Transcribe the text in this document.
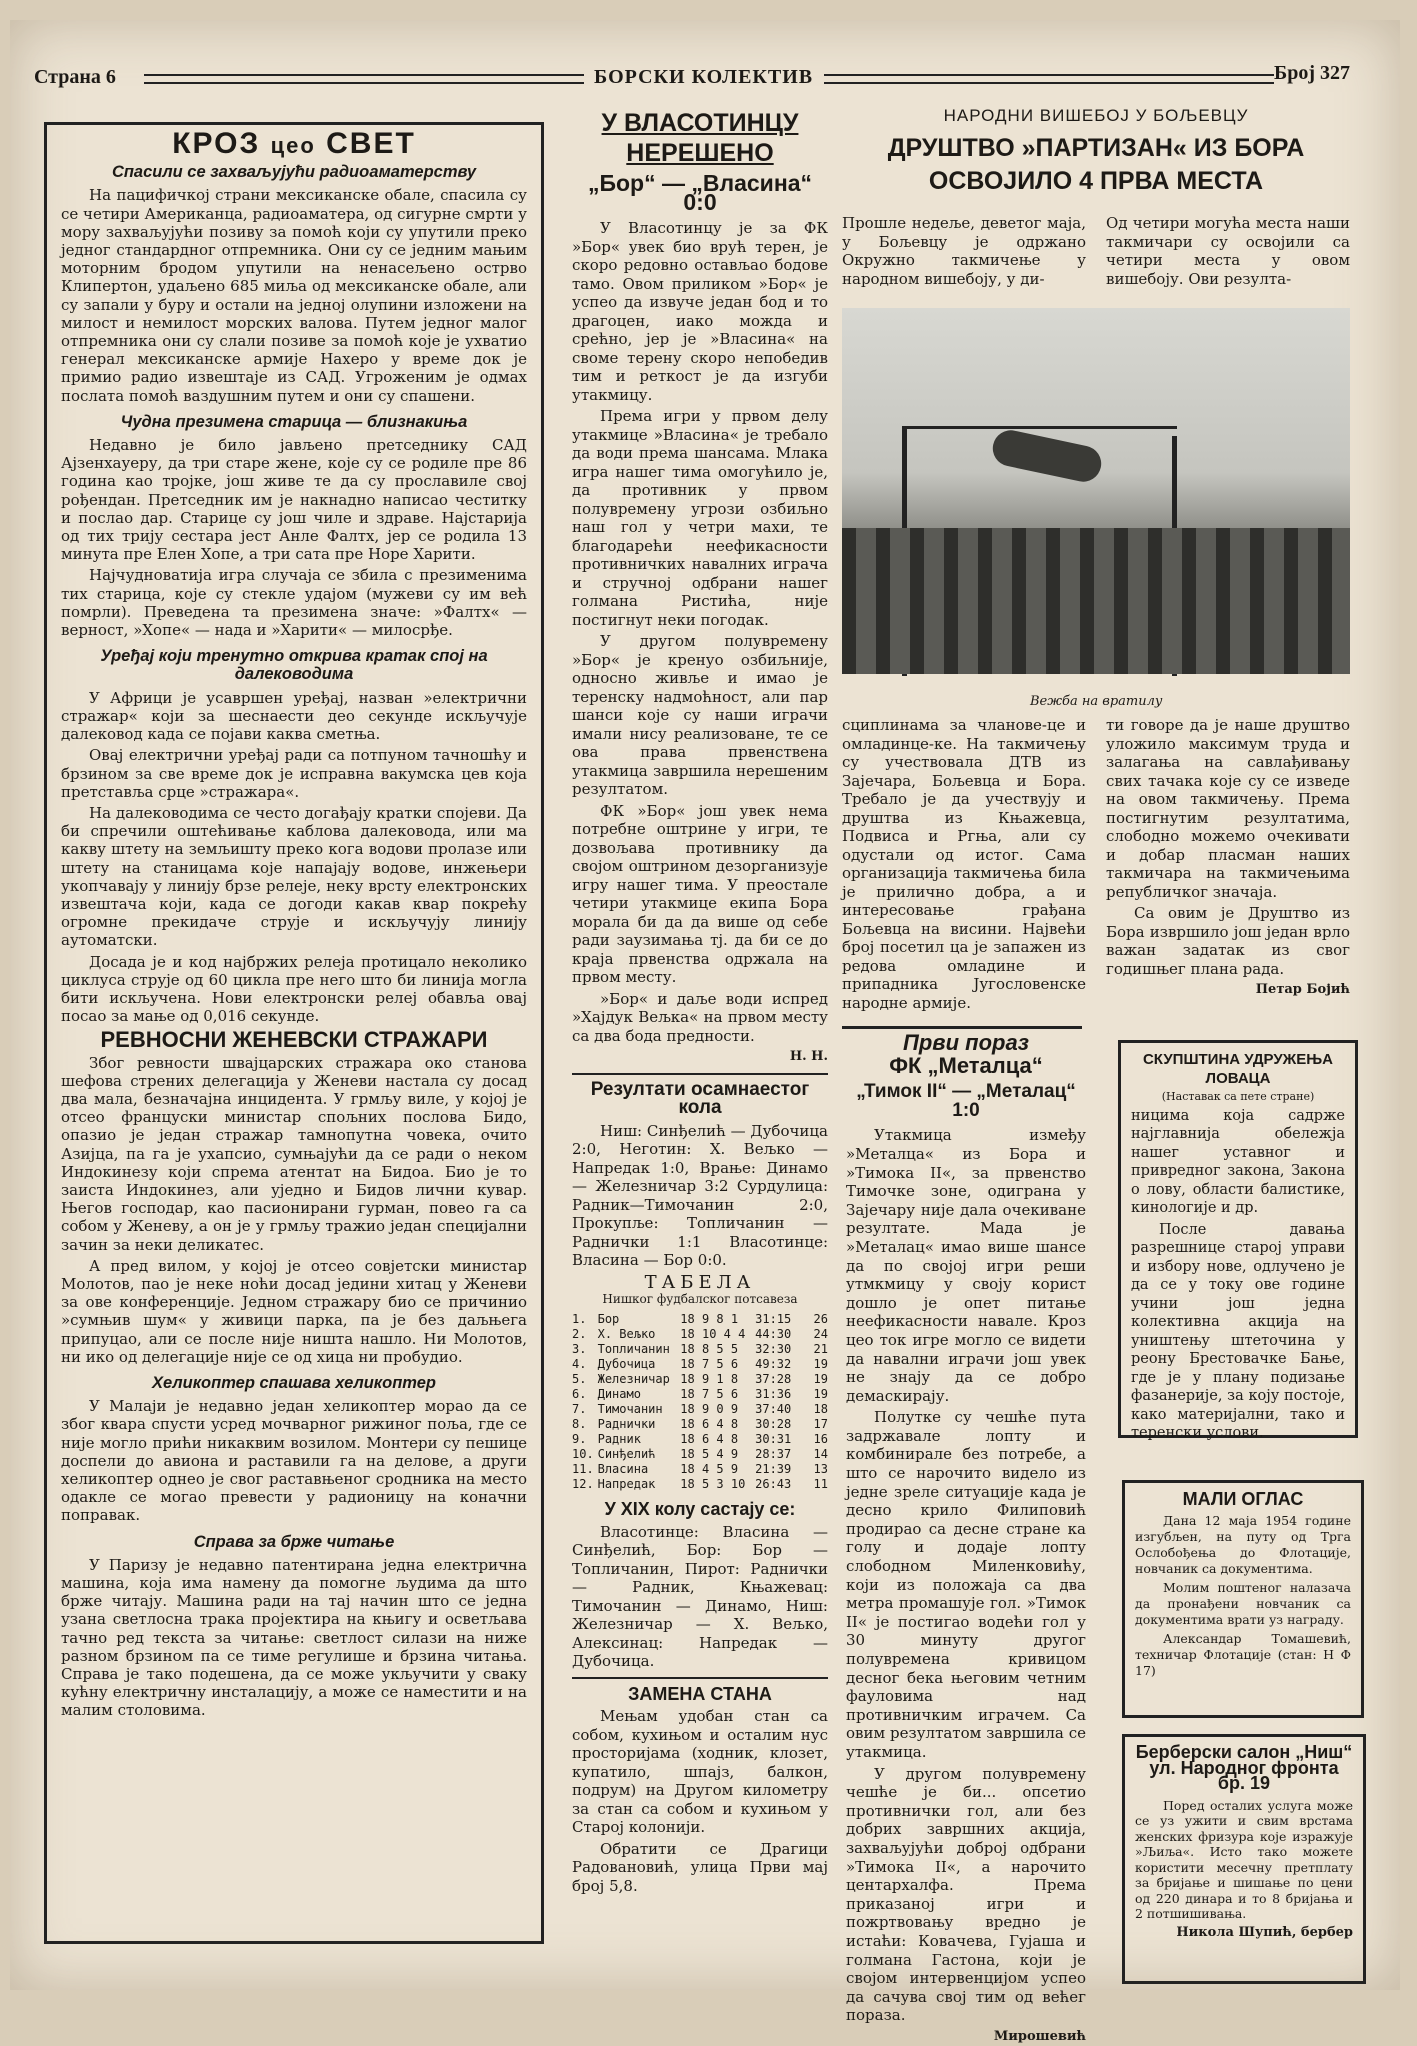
Страна 6	БОРСКИ КОЛЕКТИВ	Број 327
КРОЗ цео СВЕТ
Спасили се захваљујући радиоаматерству

На пацифичкој страни мексиканске обале, спасила су се четири Американца, радиоаматера, од сигурне смрти у мору захваљујући позиву за помоћ који су упутили преко једног стандардног отпремника. Они су се једним мањим моторним бродом упутили на ненасељено острво Клипертон, удаљено 685 миља од мексиканске обале, али су запали у буру и остали на једној олупини изложени на милост и немилост морских валова. Путем једног малог отпремника они су слали позиве за помоћ које је ухватио генерал мексиканске армије Нахеро у време док је примио радио извештаје из САД. Угроженим је одмах послата помоћ ваздушним путем и они су спашени.

Чудна презимена старица — близнакиња

Недавно је било јављено претседнику САД Ајзенхауеру, да три старе жене, које су се родиле пре 86 година као тројке, још живе те да су прославиле свој рођендан. Претседник им је накнадно написао честитку и послао дар. Старице су још чиле и здраве. Најстарија од тих трију сестара јест Анле Фалтх, јер се родила 13 минута пре Елен Хопе, а три сата пре Норе Харити.

Најчудноватија игра случаја се збила с презименима тих старица, које су стекле удајом (мужеви су им већ помрли). Преведена та презимена значе: »Фалтх« — верност, »Хопе« — нада и »Харити« — милосрђе.

Уређај који тренутно открива кратак спој на далеководима

У Африци је усавршен уређај, назван »електрични стражар« који за шеснаести део секунде искључује далековод када се појави каква сметња.

Овај електрични уређај ради са потпуном тачношћу и брзином за све време док је исправна вакумска цев која претставља срце »стражара«.

На далеководима се често догађају кратки спојеви. Да би спречили оштећивање каблова далековода, или ма какву штету на земљишту преко кога водови пролазе или штету на станицама које напајају водове, инжењери укопчавају у линију брзе релеје, неку врсту електронских извештача који, када се догоди какав квар покрећу огромне прекидаче струје и искључују линију аутоматски.

Досада је и код најбржих релеја протицало неколико циклуса струје од 60 циклa пре него што би линија могла бити искључена. Нови електронски релеј обавља овај посао за мање од 0,016 секунде.

РЕВНОСНИ ЖЕНЕВСКИ СТРАЖАРИ

Због ревности швајцарских стражара око станова шефова стрених делегација у Женеви настала су досад два мала, безначајна инцидента. У грмљу виле, у којој је отсео француски министар спољних послова Бидо, опазио је један стражар тамнопутна човека, очито Азијца, па га је ухапсио, сумњајући да се ради о неком Индокинезу који спрема атентат на Бидоа. Био је то заиста Индокинез, али уједно и Бидов лични кувар. Његов господар, као пасионирани гурман, повео га са собом у Женеву, а он је у грмљу тражио један специјални зачин за неки деликатес.

А пред вилом, у којој је отсео совјетски министар Молотов, пао је неке ноћи досад једини хитац у Женеви за ове конференције. Једном стражару био се причинио »сумњив шум« у живици парка, па је без даљњега припуцао, али се после није ништа нашло. Ни Молотов, ни ико од делегације није се од хица ни пробудио.

Хеликоптер спашава хеликоптер

У Малаји је недавно један хеликоптер морао да се због квара спусти усред мочварног рижиног поља, где се није могло прићи никаквим возилом. Монтери су пешице доспели до авиона и раставили га на делове, а други хеликоптер однео је свог раставњеног сродника на место одакле се могао превести у радионицу на коначни поправак.

Справа за брже читање

У Паризу је недавно патентирана једна електрична машина, која има намену да помогне људима да што брже читају. Машина ради на тај начин што се једна узана светлосна трака пројектира на књигу и осветљава тачно ред текста за читање: светлост силази на ниже разном брзином па се тиме регулише и брзина читања. Справа је тако подешена, да се може укључити у сваку кућну електричну инсталацију, а може се наместити и на малим столовима.

У ВЛАСОТИНЦУ НЕРЕШЕНО
„Бор“ — „Власина“ 0:0

У Власотинцу је за ФК »Бор« увек био врућ терен, је скоро редовно остављао бодове тамо. Овом приликом »Бор« је успео да извуче један бод и то драгоцен, иако можда и срећно, јер је »Власина« на своме терену скоро непобедив тим и реткост је да изгуби утакмицу.

Према игри у првом делу утакмице »Власина« је требало да води према шансама. Млака игра нашег тима омогућило је, да противник у првом полувремену угрози озбиљно наш гол у четри махи, те благодарећи неефикасности противничких навалних играча и стручној одбрани нашег голмана Ристића, није постигнут неки погодак.

У другом полувремену »Бор« је кренуо озбиљније, односно живље и имао је теренску надмоћност, али пар шанси које су наши играчи имали нису реализоване, те се ова права првенствена утакмица завршила нерешеним резултатом.

ФК »Бор« још увек нема потребне оштрине у игри, те дозвољава противнику да својом оштрином дезорганизује игру нашег тима. У преостале четири утакмице екипа Бора морала би да да више од себе ради заузимања тј. да би се до краја првенства одржала на првом месту.

»Бор« и даље води испред »Хајдук Вељка« на првом месту са два бода предности.

Н. Н.
Резултати осамнаестог кола

Ниш: Синђелић — Дубочица 2:0, Неготин: Х. Вељко — Напредак 1:0, Врање: Динамо — Железничар 3:2 Сурдулица: Радник—Тимочанин 2:0, Прокупље: Топличанин — Раднички 1:1 Власотинце: Власина — Бор 0:0.

ТАБЕЛА
Нишког фудбалског потсавеза
1. Бор	18 9 8 1	31:15	26
2. Х. Вељко	18 10 4 4 44:30	24
3. Топличанин 18 8 5 5	32:30	21
4. Дубочица	18 7 5 6	49:32	19
5. Железничар 18 9 1 8	37:28	19
6. Динамо	18 7 5 6	31:36	19
7. Тимочанин	18 9 0 9	37:40	18
8. Раднички	18 6 4 8	30:28	17
9. Радник	18 6 4 8	30:31	16
10. Синђелић	18 5 4 9	28:37	14
11. Власина	18 4 5 9	21:39	13
12. Напредак	18 5 3 10 26:43	11
У XIX колу састају се:

Власотинце: Власина — Синђелић, Бор: Бор — Топличанин, Пирот: Раднички — Радник, Књажевац: Тимочанин — Динамо, Ниш: Железничар — Х. Вељко, Алексинац: Напредак — Дубочица.

ЗАМЕНА СТАНА

Мењам удобан стан са собом, кухињом и осталим нус просторијама (ходник, клозет, купатило, шпајз, балкон, подрум) на Другом километру за стан са собом и кухињом у Старој колонији.

Обратити се Драгици Радовановић, улица Први мај број 5,8.

НАРОДНИ ВИШЕБОЈ У БОЉЕВЦУ
ДРУШТВО »ПАРТИЗАН« ИЗ БОРА
ОСВОЈИЛО 4 ПРВА МЕСТА
Прошле недеље, деветог маја, у Бољевцу је одржано Окружно такмичење у народном вишебоју, у ди-
Од четири могућа места наши такмичари су освојили са четири места у овом вишебоју. Ови резулта-
Вежба на вратилу
сциплинама за чланове-це и омладинце-ке. На такмичењу су учествовала ДТВ из Зајечара, Бољевца и Бора. Требало је да учествују и друштва из Књажевца, Подвиса и Ргња, али су одустали од истог. Сама организација такмичења била је прилично добра, а и интересовање грађана Бољевца на висини. Највећи број посетил ца је запажен из редова омладине и припадника Југословенске народне армије.

ти говоре да је наше друштво уложило максимум труда и залагања на савлађивању свих тачака које су се изведе на овом такмичењу. Према постигнутим резултатима, слободно можемо очекивати и добар пласман наших такмичара на такмичењима републичког значаја.

Са овим је Друштво из Бора извршило још један врло важан задатак из свог годишњег плана рада.

Петар Бојић
Први пораз
ФК „Металца“
„Тимок II“ — „Металац“ 1:0

Утакмица између »Металца« из Бора и »Тимока II«, за првенство Тимочке зоне, одиграна у Зајечару није дала очекиване резултате. Мада је »Металац« имао више шансе да по својој игри реши утмкмицу у своју корист дошло је опет питање неефикасности навале. Кроз цео ток игре могло се видети да навални играчи још увек не знају да се добро демаскирају.

Полутке су чешће пута задржавале лопту и комбинирале без потребе, а што се нарочито видело из једне зреле ситуације када је десно крило Филиповић продирао са десне стране ка голу и додаје лопту слободном Миленковићу, који из положаја са два метра промашује гол. »Тимок II« је постигао водећи гол у 30 минуту другог полувремена кривицом десног бека његовим четним фауловима над противничким играчем. Са овим резултатом завршила се утакмица.

У другом полувремену чешће је би... опсетио противнички гол, али без добрих завршних акција, захваљујући доброј одбрани »Тимока II«, а нарочито центархалфа. Према приказаној игри и пожртвовању вредно је истаћи: Ковачева, Гујаша и голмана Гастона, који је својом интервенцијом успео да сачува свој тим од већег пораза.

Мирошевић
СКУПШТИНА УДРУЖЕЊА ЛОВАЦА
(Наставак са пете стране)

ницима која садрже најглавнија обележја нашег уставног и привредног закона, Закона о лову, области балистике, кинологије и др.

После давања разрешнице старој управи и избору нове, одлучено је да се у току ове године учини још једна колективна акција на уништењу штеточина у реону Брестовачке Бање, где је у плану подизање фазанерије, за коју постоје, како материјални, тако и теренски услови.

МАЛИ ОГЛАС

Дана 12 маја 1954 године изгубљен, на путу од Трга Ослобођења до Флотације, новчаник са документима.

Молим поштеног налазача да пронађени новчаник са документима врати уз награду.

Александар Томашевић, техничар Флотације (стан: Н Ф 17)

Берберски салон „Ниш“
ул. Народног фронта бр. 19

Поред осталих услуга може се уз ужити и свим врстама женских фризура које изражује »Љиља«. Исто тако можете користити месечну претплату за бријање и шишање по цени од 220 динара и то 8 бријања и 2 потшишивања.

Никола Шупић, бербер
